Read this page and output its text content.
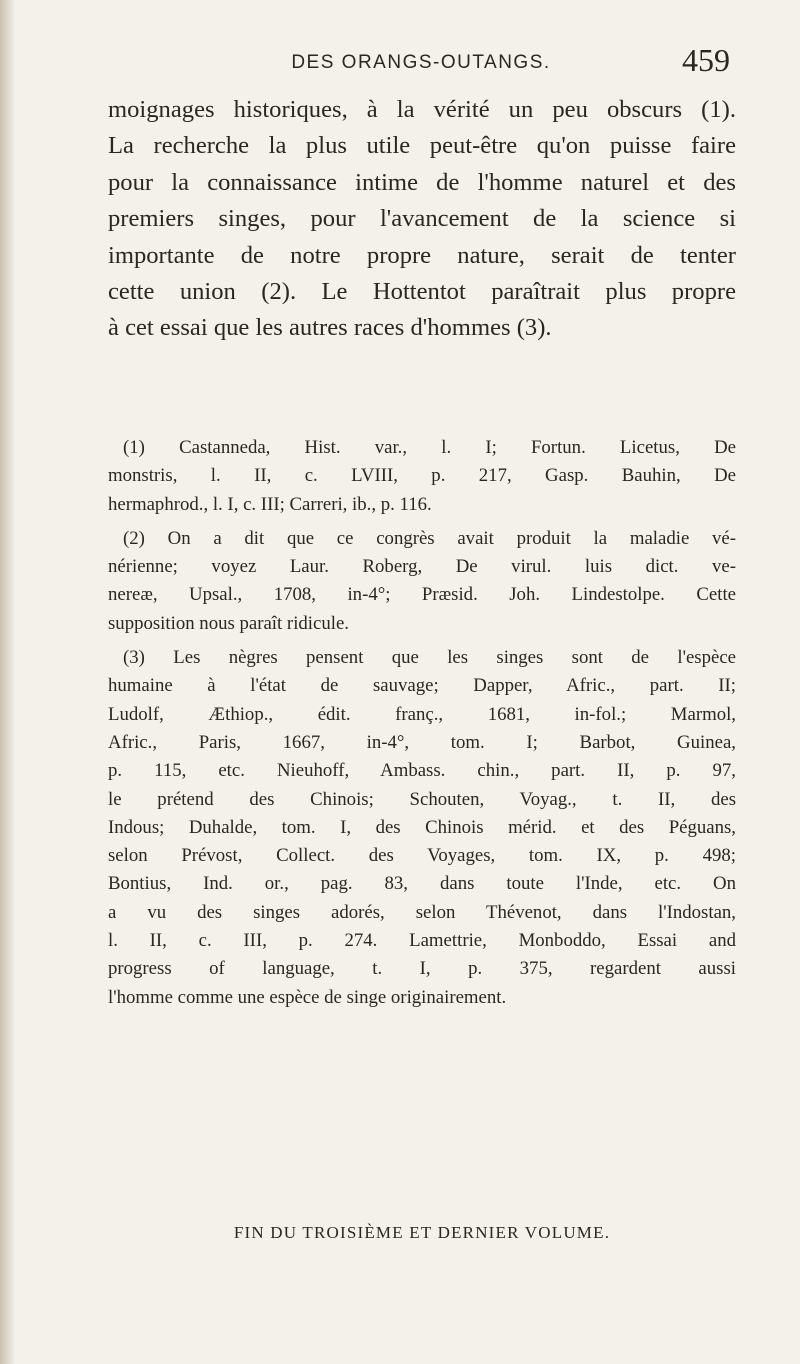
DES ORANGS-OUTANGS.	459
moignages historiques, à la vérité un peu obscurs (1).
La recherche la plus utile peut-être qu'on puisse faire
pour la connaissance intime de l'homme naturel et des
premiers singes, pour l'avancement de la science si
importante de notre propre nature, serait de tenter
cette union (2). Le Hottentot paraîtrait plus propre
à cet essai que les autres races d'hommes (3).
(1) Castanneda, Hist. var., l. I; Fortun. Licetus, De
monstris, l. II, c. LVIII, p. 217, Gasp. Bauhin, De
hermaphrod., l. I, c. III; Carreri, ib., p. 116.
(2) On a dit que ce congrès avait produit la maladie vé-
nérienne; voyez Laur. Roberg, De virul. luis dict. ve-
nereæ, Upsal., 1708, in-4°; Præsid. Joh. Lindestolpe. Cette
supposition nous paraît ridicule.
(3) Les nègres pensent que les singes sont de l'espèce
humaine à l'état de sauvage; Dapper, Afric., part. II;
Ludolf, Æthiop., édit. franç., 1681, in-fol.; Marmol,
Afric., Paris, 1667, in-4°, tom. I; Barbot, Guinea,
p. 115, etc. Nieuhoff, Ambass. chin., part. II, p. 97,
le prétend des Chinois; Schouten, Voyag., t. II, des
Indous; Duhalde, tom. I, des Chinois mérid. et des Péguans,
selon Prévost, Collect. des Voyages, tom. IX, p. 498;
Bontius, Ind. or., pag. 83, dans toute l'Inde, etc. On
a vu des singes adorés, selon Thévenot, dans l'Indostan,
l. II, c. III, p. 274. Lamettrie, Monboddo, Essai and
progress of language, t. I, p. 375, regardent aussi
l'homme comme une espèce de singe originairement.
FIN DU TROISIÈME ET DERNIER VOLUME.
